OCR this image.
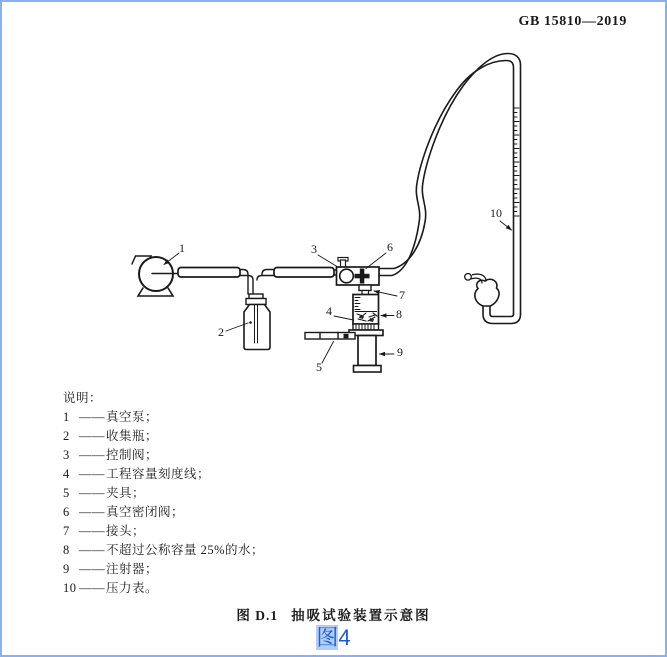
GB 15810—2019
1
2
3
4
5
6
7
8
9
10
说明：
1 ——真空泵；
2 ——收集瓶；
3 ——控制阀；
4 ——工程容量刻度线；
5 ——夹具；
6 ——真空密闭阀；
7 ——接头；
8 ——不超过公称容量 25%的水；
9 ——注射器；
10 ——压力表。
图 D.1 抽吸试验装置示意图
图4
